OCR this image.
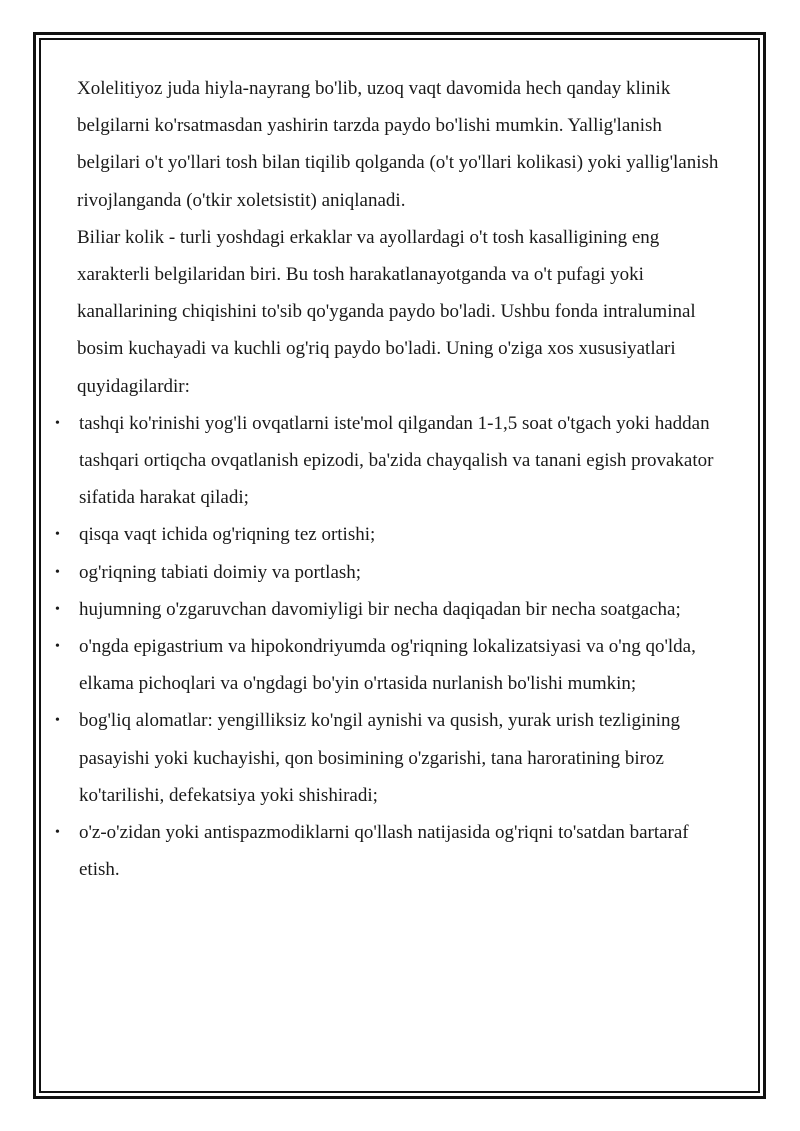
Xolelitiyoz juda hiyla-nayrang bo'lib, uzoq vaqt davomida hech qanday klinik belgilarni ko'rsatmasdan yashirin tarzda paydo bo'lishi mumkin. Yallig'lanish belgilari o't yo'llari tosh bilan tiqilib qolganda (o't yo'llari kolikasi) yoki yallig'lanish rivojlanganda (o'tkir xoletsistit) aniqlanadi.

Biliar kolik - turli yoshdagi erkaklar va ayollardagi o't tosh kasalligining eng xarakterli belgilaridan biri. Bu tosh harakatlanayotganda va o't pufagi yoki kanallarining chiqishini to'sib qo'yganda paydo bo'ladi. Ushbu fonda intraluminal bosim kuchayadi va kuchli og'riq paydo bo'ladi. Uning o'ziga xos xususiyatlari quyidagilardir:

• tashqi ko'rinishi yog'li ovqatlarni iste'mol qilgandan 1-1,5 soat o'tgach yoki haddan tashqari ortiqcha ovqatlanish epizodi, ba'zida chayqalish va tanani egish provakator sifatida harakat qiladi;
• qisqa vaqt ichida og'riqning tez ortishi;
• og'riqning tabiati doimiy va portlash;
• hujumning o'zgaruvchan davomiyligi bir necha daqiqadan bir necha soatgacha;
• o'ngda epigastrium va hipokondriyumda og'riqning lokalizatsiyasi va o'ng qo'lda, elkama pichoqlari va o'ngdagi bo'yin o'rtasida nurlanish bo'lishi mumkin;
• bog'liq alomatlar: yengilliksiz ko'ngil aynishi va qusish, yurak urish tezligining pasayishi yoki kuchayishi, qon bosimining o'zgarishi, tana haroratining biroz ko'tarilishi, defekatsiya yoki shishiradi;
• o'z-o'zidan yoki antispazmodiklarni qo'llash natijasida og'riqni to'satdan bartaraf etish.
